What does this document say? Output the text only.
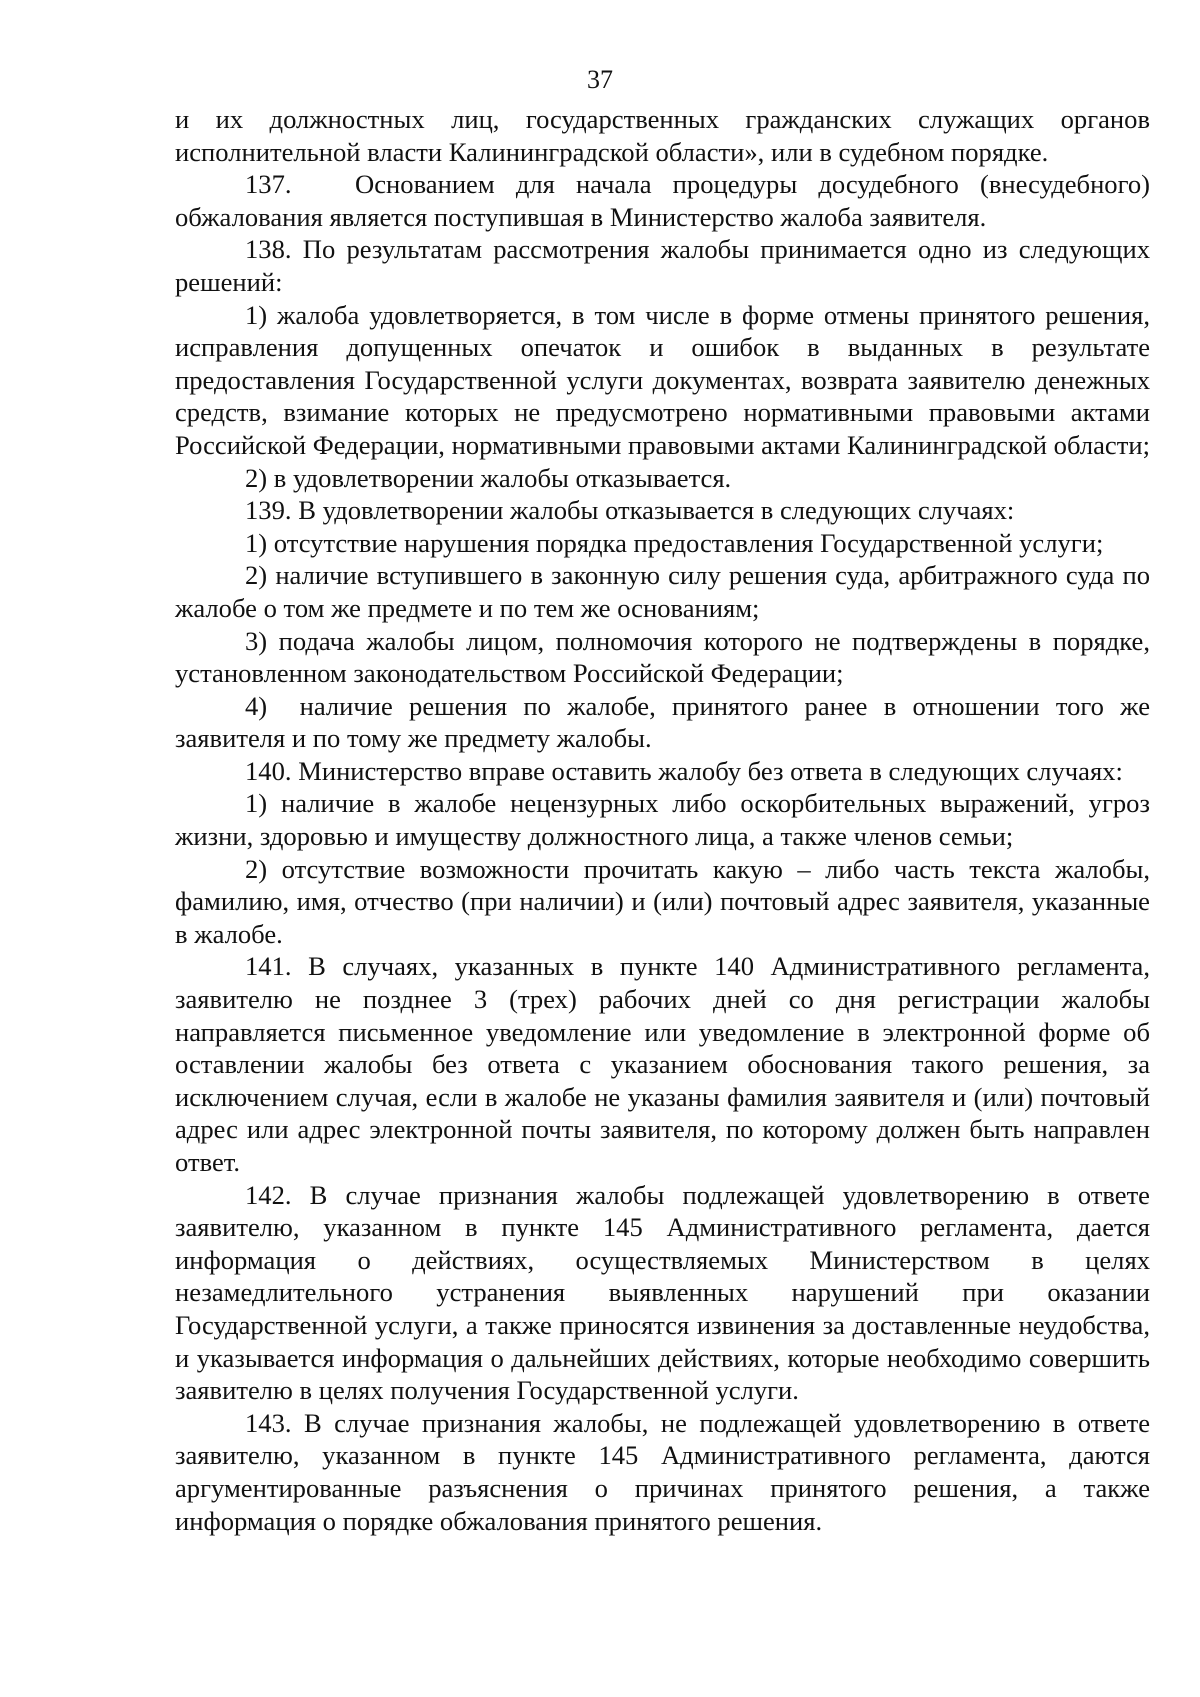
37

и их должностных лиц, государственных гражданских служащих органов исполнительной власти Калининградской области», или в судебном порядке.

137.   Основанием для начала процедуры досудебного (внесудебного) обжалования является поступившая в Министерство жалоба заявителя.

138. По результатам рассмотрения жалобы принимается одно из следующих решений:

1) жалоба удовлетворяется, в том числе в форме отмены принятого решения, исправления допущенных опечаток и ошибок в выданных в результате предоставления Государственной услуги документах, возврата заявителю денежных средств, взимание которых не предусмотрено нормативными правовыми актами Российской Федерации, нормативными правовыми актами Калининградской области;

2) в удовлетворении жалобы отказывается.

139. В удовлетворении жалобы отказывается в следующих случаях:

1) отсутствие нарушения порядка предоставления Государственной услуги;

2) наличие вступившего в законную силу решения суда, арбитражного суда по жалобе о том же предмете и по тем же основаниям;

3) подача жалобы лицом, полномочия которого не подтверждены в порядке, установленном законодательством Российской Федерации;

4)  наличие решения по жалобе, принятого ранее в отношении того же заявителя и по тому же предмету жалобы.

140. Министерство вправе оставить жалобу без ответа в следующих случаях:

1) наличие в жалобе нецензурных либо оскорбительных выражений, угроз жизни, здоровью и имуществу должностного лица, а также членов семьи;

2) отсутствие возможности прочитать какую – либо часть текста жалобы, фамилию, имя, отчество (при наличии) и (или) почтовый адрес заявителя, указанные в жалобе.

141. В случаях, указанных в пункте 140 Административного регламента, заявителю не позднее 3 (трех) рабочих дней со дня регистрации жалобы направляется письменное уведомление или уведомление в электронной форме об оставлении жалобы без ответа с указанием обоснования такого решения, за исключением случая, если в жалобе не указаны фамилия заявителя и (или) почтовый адрес или адрес электронной почты заявителя, по которому должен быть направлен ответ.

142. В случае признания жалобы подлежащей удовлетворению в ответе заявителю, указанном в пункте 145 Административного регламента, дается информация о действиях, осуществляемых Министерством в целях незамедлительного устранения выявленных нарушений при оказании Государственной услуги, а также приносятся извинения за доставленные неудобства, и указывается информация о дальнейших действиях, которые необходимо совершить заявителю в целях получения Государственной услуги.

143. В случае признания жалобы, не подлежащей удовлетворению в ответе заявителю, указанном в пункте 145 Административного регламента, даются аргументированные разъяснения о причинах принятого решения, а также информация о порядке обжалования принятого решения.
